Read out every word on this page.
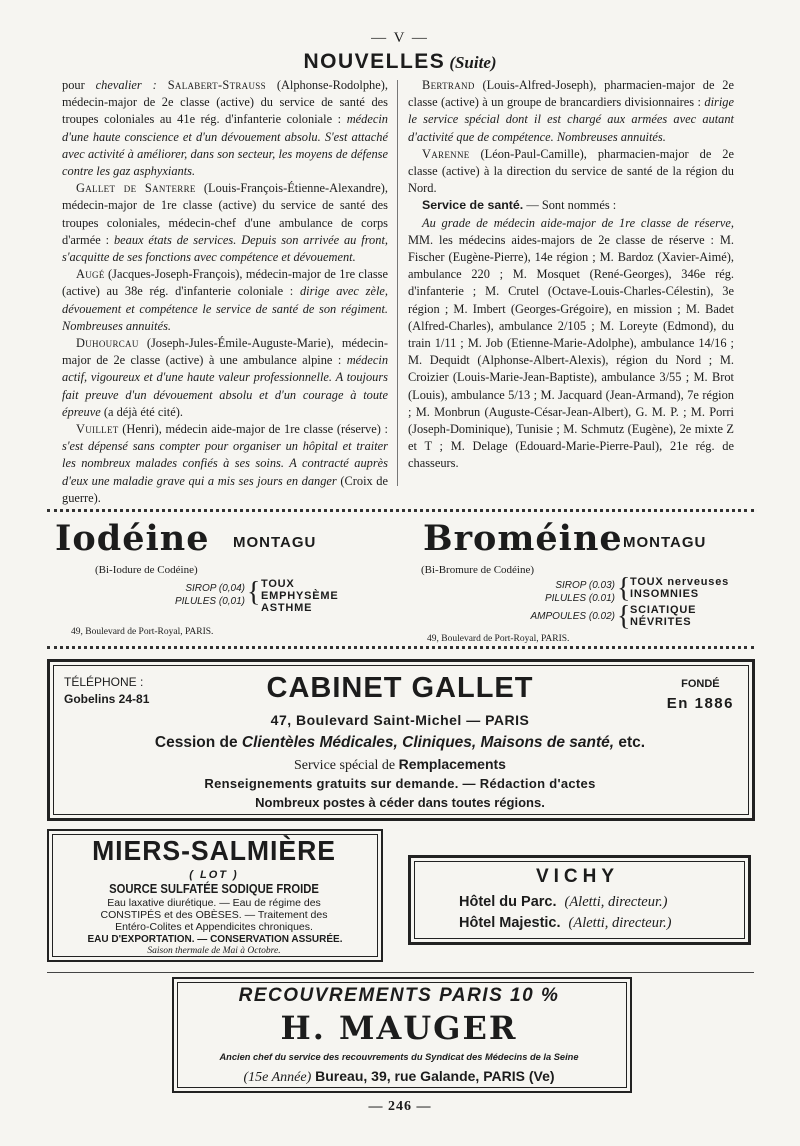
— V —
NOUVELLES (Suite)

pour chevalier : Salabert-Strauss (Alphonse-Rodolphe), médecin-major de 2e classe (active) du service de santé des troupes coloniales au 41e rég. d'infanterie coloniale : médecin d'une haute conscience et d'un dévouement absolu. S'est attaché avec activité à améliorer, dans son secteur, les moyens de défense contre les gaz asphyxiants.

Gallet de Santerre (Louis-François-Étienne-Alexandre), médecin-major de 1re classe (active) du service de santé des troupes coloniales, médecin-chef d'une ambulance de corps d'armée : beaux états de services. Depuis son arrivée au front, s'acquitte de ses fonctions avec compétence et dévouement.

Augé (Jacques-Joseph-François), médecin-major de 1re classe (active) au 38e rég. d'infanterie coloniale : dirige avec zèle, dévouement et compétence le service de santé de son régiment. Nombreuses annuités.

Duhourcau (Joseph-Jules-Émile-Auguste-Marie), médecin-major de 2e classe (active) à une ambulance alpine : médecin actif, vigoureux et d'une haute valeur professionnelle. A toujours fait preuve d'un dévouement absolu et d'un courage à toute épreuve (a déjà été cité).

Vuillet (Henri), médecin aide-major de 1re classe (réserve) : s'est dépensé sans compter pour organiser un hôpital et traiter les nombreux malades confiés à ses soins. A contracté auprès d'eux une maladie grave qui a mis ses jours en danger (Croix de guerre).

Bertrand (Louis-Alfred-Joseph), pharmacien-major de 2e classe (active) à un groupe de brancardiers divisionnaires : dirige le service spécial dont il est chargé aux armées avec autant d'activité que de compétence. Nombreuses annuités.

Varenne (Léon-Paul-Camille), pharmacien-major de 2e classe (active) à la direction du service de santé de la région du Nord.

Service de santé. — Sont nommés :

Au grade de médecin aide-major de 1re classe de réserve, MM. les médecins aides-majors de 2e classe de réserve : M. Fischer (Eugène-Pierre), 14e région ; M. Bardoz (Xavier-Aimé), ambulance 220 ; M. Mosquet (René-Georges), 346e rég. d'infanterie ; M. Crutel (Octave-Louis-Charles-Célestin), 3e région ; M. Imbert (Georges-Grégoire), en mission ; M. Badet (Alfred-Charles), ambulance 2/105 ; M. Loreyte (Edmond), du train 1/11 ; M. Job (Etienne-Marie-Adolphe), ambulance 14/16 ; M. Dequidt (Alphonse-Albert-Alexis), région du Nord ; M. Croizier (Louis-Marie-Jean-Baptiste), ambulance 3/55 ; M. Brot (Louis), ambulance 5/13 ; M. Jacquard (Jean-Armand), 7e région ; M. Monbrun (Auguste-César-Jean-Albert), G. M. P. ; M. Porri (Joseph-Dominique), Tunisie ; M. Schmutz (Eugène), 2e mixte Z et T ; M. Delage (Edouard-Marie-Pierre-Paul), 21e rég. de chasseurs.

Iodéine MONTAGU
(Bi-Iodure de Codéine)
SIROP (0,04)
PILULES (0,01) { TOUX
EMPHYSÈME
ASTHME
49, Boulevard de Port-Royal, PARIS.
Broméine MONTAGU
(Bi-Bromure de Codéine)
SIROP (0.03)
PILULES (0.01) { TOUX nerveuses
INSOMNIES
AMPOULES (0.02) { SCIATIQUE
NÉVRITES
49, Boulevard de Port-Royal, PARIS.
TÉLÉPHONE :
Gobelins 24-81	CABINET GALLET	FONDÉ
En 1886
47, Boulevard Saint-Michel — PARIS
Cession de Clientèles Médicales, Cliniques, Maisons de santé, etc.
Service spécial de Remplacements
Renseignements gratuits sur demande. — Rédaction d'actes
Nombreux postes à céder dans toutes régions.
MIERS-SALMIÈRE
( LOT )
SOURCE SULFATÉE SODIQUE FROIDE
Eau laxative diurétique. — Eau de régime des
CONSTIPÉS et des OBÈSES. — Traitement des
Entéro-Colites et Appendicites chroniques.
EAU D'EXPORTATION. — CONSERVATION ASSURÉE.
Saison thermale de Mai à Octobre.
VICHY
Hôtel du Parc. (Aletti, directeur.)
Hôtel Majestic. (Aletti, directeur.)
RECOUVREMENTS PARIS 10 %
H. MAUGER
Ancien chef du service des recouvrements du Syndicat des Médecins de la Seine
(15e Année) Bureau, 39, rue Galande, PARIS (Ve)
— 246 —
